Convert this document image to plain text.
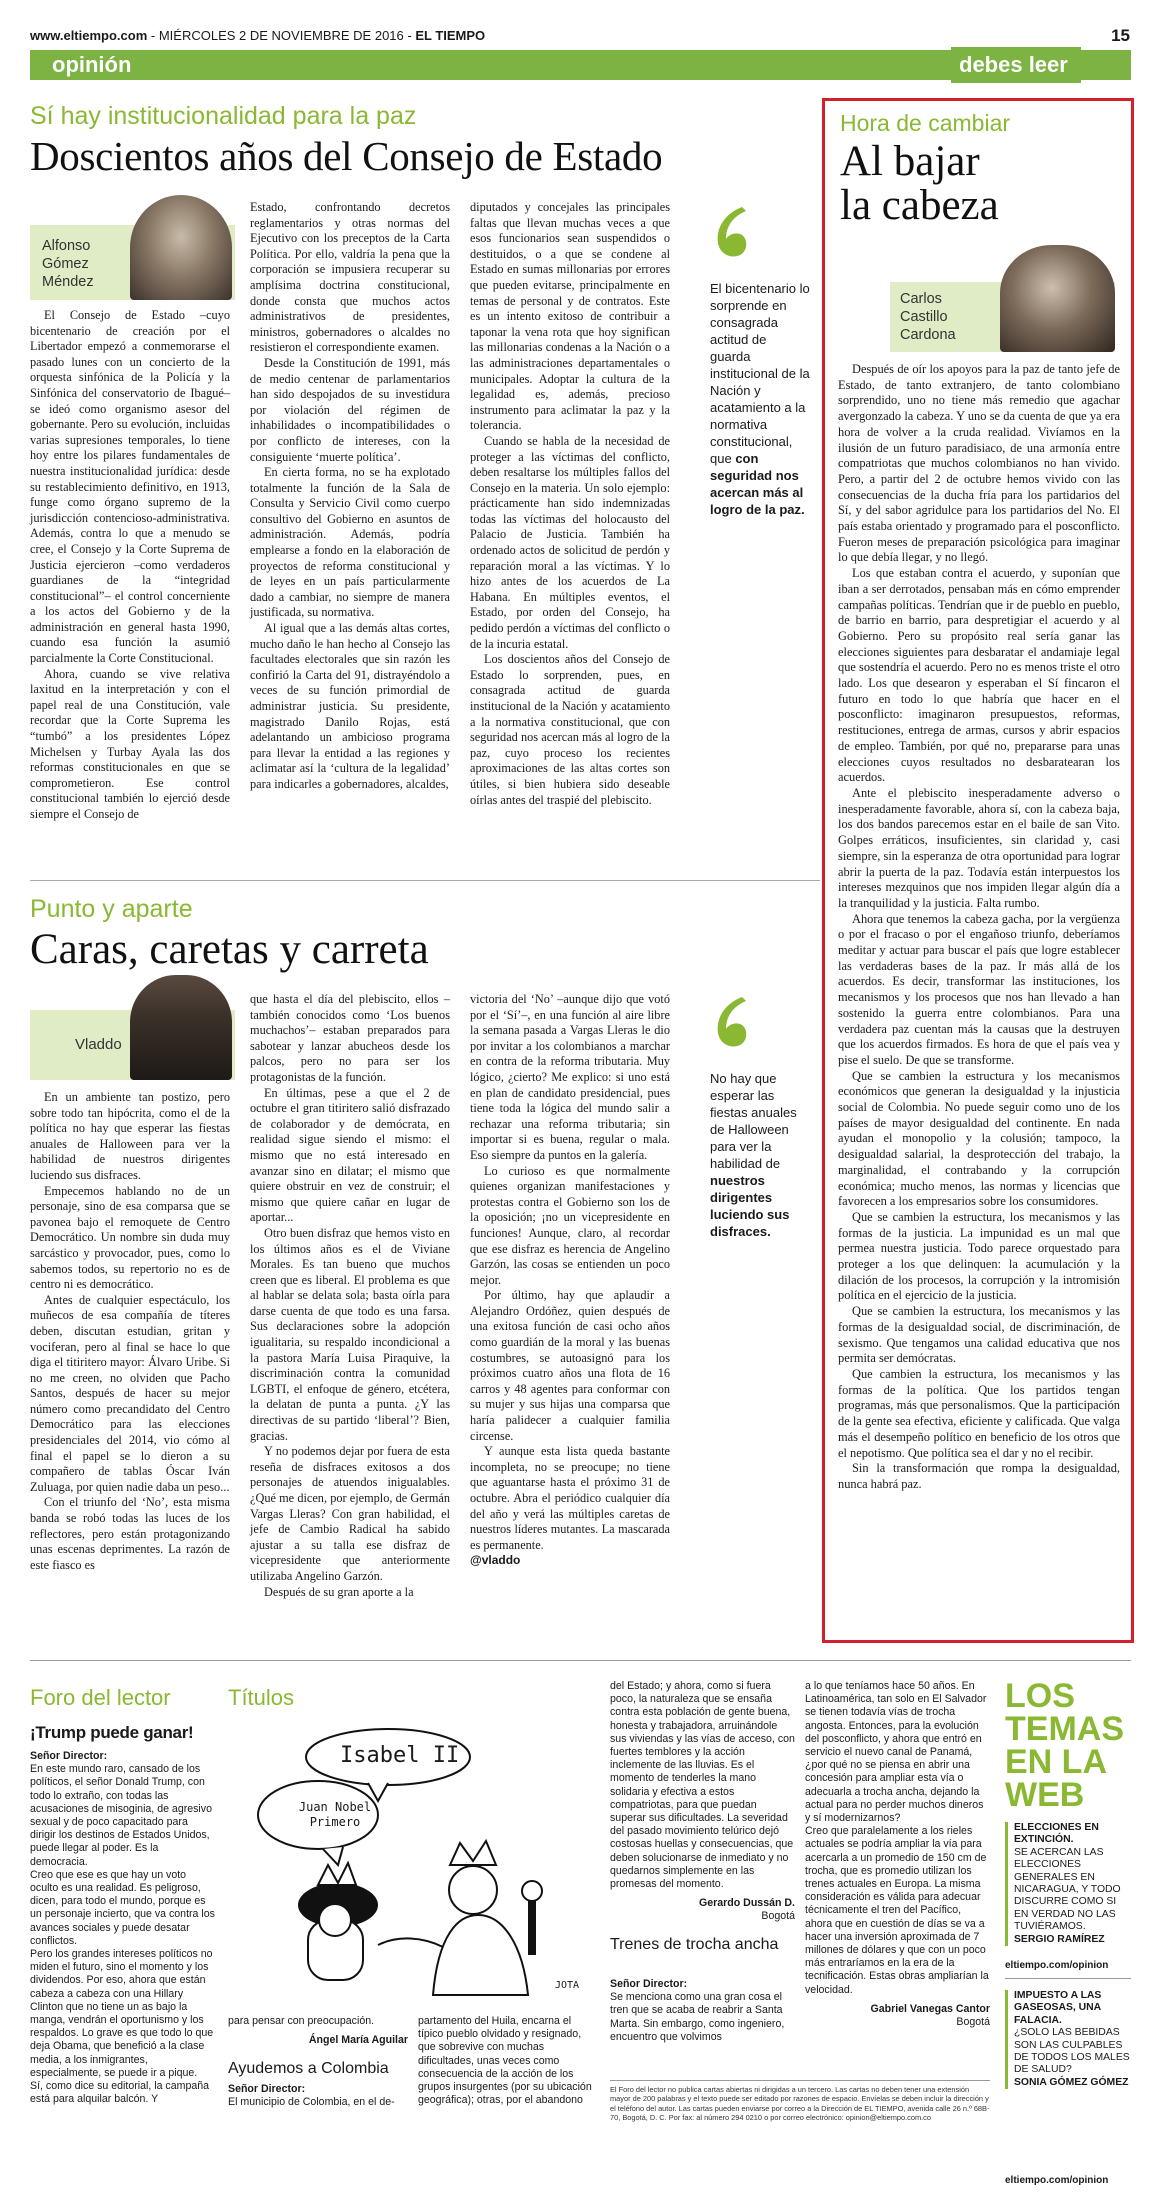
www.eltiempo.com - MIÉRCOLES 2 DE NOVIEMBRE DE 2016 - EL TIEMPO	15
opinión	debes leer
Sí hay institucionalidad para la paz
Doscientos años del Consejo de Estado
Alfonso Gómez Méndez

El Consejo de Estado –cuyo bicentenario de creación por el Libertador empezó a conmemorarse el pasado lunes con un concierto de la orquesta sinfónica de la Policía y la Sinfónica del conservatorio de Ibagué– se ideó como organismo asesor del gobernante. Pero su evolución, incluidas varias supresiones temporales, lo tiene hoy entre los pilares fundamentales de nuestra institucionalidad jurídica: desde su restablecimiento definitivo, en 1913, funge como órgano supremo de la jurisdicción contencioso-administrativa. Además, contra lo que a menudo se cree, el Consejo y la Corte Suprema de Justicia ejercieron –como verdaderos guardianes de la “integridad constitucional”– el control concerniente a los actos del Gobierno y de la administración en general hasta 1990, cuando esa función la asumió parcialmente la Corte Constitucional.

Ahora, cuando se vive relativa laxitud en la interpretación y con el papel real de una Constitución, vale recordar que la Corte Suprema les “tumbó” a los presidentes López Michelsen y Turbay Ayala las dos reformas constitucionales en que se comprometieron. Ese control constitucional también lo ejerció desde siempre el Consejo de

Estado, confrontando decretos reglamentarios y otras normas del Ejecutivo con los preceptos de la Carta Política. Por ello, valdría la pena que la corporación se impusiera recuperar su amplísima doctrina constitucional, donde consta que muchos actos administrativos de presidentes, ministros, gobernadores o alcaldes no resistieron el correspondiente examen.

Desde la Constitución de 1991, más de medio centenar de parlamentarios han sido despojados de su investidura por violación del régimen de inhabilidades o incompatibilidades o por conflicto de intereses, con la consiguiente ‘muerte política’.

En cierta forma, no se ha explotado totalmente la función de la Sala de Consulta y Servicio Civil como cuerpo consultivo del Gobierno en asuntos de administración. Además, podría emplearse a fondo en la elaboración de proyectos de reforma constitucional y de leyes en un país particularmente dado a cambiar, no siempre de manera justificada, su normativa.

Al igual que a las demás altas cortes, mucho daño le han hecho al Consejo las facultades electorales que sin razón les confirió la Carta del 91, distrayéndolo a veces de su función primordial de administrar justicia. Su presidente, magistrado Danilo Rojas, está adelantando un ambicioso programa para llevar la entidad a las regiones y aclimatar así la ‘cultura de la legalidad’ para indicarles a gobernadores, alcaldes,

diputados y concejales las principales faltas que llevan muchas veces a que esos funcionarios sean suspendidos o destituidos, o a que se condene al Estado en sumas millonarias por errores que pueden evitarse, principalmente en temas de personal y de contratos. Este es un intento exitoso de contribuir a taponar la vena rota que hoy significan las millonarias condenas a la Nación o a las administraciones departamentales o municipales. Adoptar la cultura de la legalidad es, además, precioso instrumento para aclimatar la paz y la tolerancia.

Cuando se habla de la necesidad de proteger a las víctimas del conflicto, deben resaltarse los múltiples fallos del Consejo en la materia. Un solo ejemplo: prácticamente han sido indemnizadas todas las víctimas del holocausto del Palacio de Justicia. También ha ordenado actos de solicitud de perdón y reparación moral a las víctimas. Y lo hizo antes de los acuerdos de La Habana. En múltiples eventos, el Estado, por orden del Consejo, ha pedido perdón a víctimas del conflicto o de la incuria estatal.

Los doscientos años del Consejo de Estado lo sorprenden, pues, en consagrada actitud de guarda institucional de la Nación y acatamiento a la normativa constitucional, que con seguridad nos acercan más al logro de la paz, cuyo proceso los recientes aproximaciones de las altas cortes son útiles, si bien hubiera sido deseable oírlas antes del traspié del plebiscito.

El bicentenario lo sorprende en consagrada actitud de guarda institucional de la Nación y acatamiento a la normativa constitucional, que con seguridad nos acercan más al logro de la paz.
Punto y aparte
Caras, caretas y carreta
Vladdo

En un ambiente tan postizo, pero sobre todo tan hipócrita, como el de la política no hay que esperar las fiestas anuales de Halloween para ver la habilidad de nuestros dirigentes luciendo sus disfraces.

Empecemos hablando no de un personaje, sino de esa comparsa que se pavonea bajo el remoquete de Centro Democrático. Un nombre sin duda muy sarcástico y provocador, pues, como lo sabemos todos, su repertorio no es de centro ni es democrático.

Antes de cualquier espectáculo, los muñecos de esa compañía de títeres deben, discutan estudian, gritan y vociferan, pero al final se hace lo que diga el titiritero mayor: Álvaro Uribe. Si no me creen, no olviden que Pacho Santos, después de hacer su mejor número como precandidato del Centro Democrático para las elecciones presidenciales del 2014, vio cómo al final el papel se lo dieron a su compañero de tablas Óscar Iván Zuluaga, por quien nadie daba un peso...

Con el triunfo del ‘No’, esta misma banda se robó todas las luces de los reflectores, pero están protagonizando unas escenas deprimentes. La razón de este fiasco es

que hasta el día del plebiscito, ellos –también conocidos como ‘Los buenos muchachos’– estaban preparados para sabotear y lanzar abucheos desde los palcos, pero no para ser los protagonistas de la función.

En últimas, pese a que el 2 de octubre el gran titiritero salió disfrazado de colaborador y de demócrata, en realidad sigue siendo el mismo: el mismo que no está interesado en avanzar sino en dilatar; el mismo que quiere obstruir en vez de construir; el mismo que quiere cañar en lugar de aportar...

Otro buen disfraz que hemos visto en los últimos años es el de Viviane Morales. Es tan bueno que muchos creen que es liberal. El problema es que al hablar se delata sola; basta oírla para darse cuenta de que todo es una farsa. Sus declaraciones sobre la adopción igualitaria, su respaldo incondicional a la pastora María Luisa Piraquive, la discriminación contra la comunidad LGBTI, el enfoque de género, etcétera, la delatan de punta a punta. ¿Y las directivas de su partido ‘liberal’? Bien, gracias.

Y no podemos dejar por fuera de esta reseña de disfraces exitosos a dos personajes de atuendos inigualables. ¿Qué me dicen, por ejemplo, de Germán Vargas Lleras? Con gran habilidad, el jefe de Cambio Radical ha sabido ajustar a su talla ese disfraz de vicepresidente que anteriormente utilizaba Angelino Garzón.

Después de su gran aporte a la

victoria del ‘No’ –aunque dijo que votó por el ‘Sí’–, en una función al aire libre la semana pasada a Vargas Lleras le dio por invitar a los colombianos a marchar en contra de la reforma tributaria. Muy lógico, ¿cierto? Me explico: si uno está en plan de candidato presidencial, pues tiene toda la lógica del mundo salir a rechazar una reforma tributaria; sin importar si es buena, regular o mala. Eso siempre da puntos en la galería.

Lo curioso es que normalmente quienes organizan manifestaciones y protestas contra el Gobierno son los de la oposición; ¡no un vicepresidente en funciones! Aunque, claro, al recordar que ese disfraz es herencia de Angelino Garzón, las cosas se entienden un poco mejor.

Por último, hay que aplaudir a Alejandro Ordóñez, quien después de una exitosa función de casi ocho años como guardián de la moral y las buenas costumbres, se autoasignó para los próximos cuatro años una flota de 16 carros y 48 agentes para conformar con su mujer y sus hijas una comparsa que haría palidecer a cualquier familia circense.

Y aunque esta lista queda bastante incompleta, no se preocupe; no tiene que aguantarse hasta el próximo 31 de octubre. Abra el periódico cualquier día del año y verá las múltiples caretas de nuestros líderes mutantes. La mascarada es permanente.

@vladdo

No hay que esperar las fiestas anuales de Halloween para ver la habilidad de nuestros dirigentes luciendo sus disfraces.
Hora de cambiar
Al bajar
la cabeza
Carlos Castillo Cardona

Después de oír los apoyos para la paz de tanto jefe de Estado, de tanto extranjero, de tanto colombiano sorprendido, uno no tiene más remedio que agachar avergonzado la cabeza. Y uno se da cuenta de que ya era hora de volver a la cruda realidad. Vivíamos en la ilusión de un futuro paradisiaco, de una armonía entre compatriotas que muchos colombianos no han vivido. Pero, a partir del 2 de octubre hemos vivido con las consecuencias de la ducha fría para los partidarios del Sí, y del sabor agridulce para los partidarios del No. El país estaba orientado y programado para el posconflicto. Fueron meses de preparación psicológica para imaginar lo que debía llegar, y no llegó.

Los que estaban contra el acuerdo, y suponían que iban a ser derrotados, pensaban más en cómo emprender campañas políticas. Tendrían que ir de pueblo en pueblo, de barrio en barrio, para despretigiar el acuerdo y al Gobierno. Pero su propósito real sería ganar las elecciones siguientes para desbaratar el andamiaje legal que sostendría el acuerdo. Pero no es menos triste el otro lado. Los que desearon y esperaban el Sí fincaron el futuro en todo lo que habría que hacer en el posconflicto: imaginaron presupuestos, reformas, restituciones, entrega de armas, cursos y abrir espacios de empleo. También, por qué no, prepararse para unas elecciones cuyos resultados no desbaratearan los acuerdos.

Ante el plebiscito inesperadamente adverso o inesperadamente favorable, ahora sí, con la cabeza baja, los dos bandos parecemos estar en el baile de san Vito. Golpes erráticos, insuficientes, sin claridad y, casi siempre, sin la esperanza de otra oportunidad para lograr abrir la puerta de la paz. Todavía están interpuestos los intereses mezquinos que nos impiden llegar algún día a la tranquilidad y la justicia. Falta rumbo.

Ahora que tenemos la cabeza gacha, por la vergüenza o por el fracaso o por el engañoso triunfo, deberíamos meditar y actuar para buscar el país que logre establecer las verdaderas bases de la paz. Ir más allá de los acuerdos. Es decir, transformar las instituciones, los mecanismos y los procesos que nos han llevado a han sostenido la guerra entre colombianos. Para una verdadera paz cuentan más la causas que la destruyen que los acuerdos firmados. Es hora de que el país vea y pise el suelo. De que se transforme.

Que se cambien la estructura y los mecanismos económicos que generan la desigualdad y la injusticia social de Colombia. No puede seguir como uno de los países de mayor desigualdad del continente. En nada ayudan el monopolio y la colusión; tampoco, la desigualdad salarial, la desprotección del trabajo, la marginalidad, el contrabando y la corrupción económica; mucho menos, las normas y licencias que favorecen a los empresarios sobre los consumidores.

Que se cambien la estructura, los mecanismos y las formas de la justicia. La impunidad es un mal que permea nuestra justicia. Todo parece orquestado para proteger a los que delinquen: la acumulación y la dilación de los procesos, la corrupción y la intromisión política en el ejercicio de la justicia.

Que se cambien la estructura, los mecanismos y las formas de la desigualdad social, de discriminación, de sexismo. Que tengamos una calidad educativa que nos permita ser demócratas.

Que cambien la estructura, los mecanismos y las formas de la política. Que los partidos tengan programas, más que personalismos. Que la participación de la gente sea efectiva, eficiente y calificada. Que valga más el desempeño político en beneficio de los otros que el nepotismo. Que política sea el dar y no el recibir.

Sin la transformación que rompa la desigualdad, nunca habrá paz.

Foro del lector
¡Trump puede ganar!

Señor Director:

En este mundo raro, cansado de los políticos, el señor Donald Trump, con todo lo extraño, con todas las acusaciones de misoginia, de agresivo sexual y de poco capacitado para dirigir los destinos de Estados Unidos, puede llegar al poder. Es la democracia.

Creo que ese es que hay un voto oculto es una realidad. Es peligroso, dicen, para todo el mundo, porque es un personaje incierto, que va contra los avances sociales y puede desatar conflictos.

Pero los grandes intereses políticos no miden el futuro, sino el momento y los dividendos. Por eso, ahora que están cabeza a cabeza con una Hillary Clinton que no tiene un as bajo la manga, vendrán el oportunismo y los respaldos. Lo grave es que todo lo que deja Obama, que benefició a la clase media, a los inmigrantes, especialmente, se puede ir a pique.

Sí, como dice su editorial, la campaña está para alquilar balcón. Y

Títulos
Isabel II
Juan Nobel Primero
JOTA

para pensar con preocupación.

Ángel María Aguilar

Ayudemos a Colombia

Señor Director:

El municipio de Colombia, en el de-

partamento del Huila, encarna el típico pueblo olvidado y resignado, que sobrevive con muchas dificultades, unas veces como consecuencia de la acción de los grupos insurgentes (por su ubicación geográfica); otras, por el abandono

del Estado; y ahora, como si fuera poco, la naturaleza que se ensaña contra esta población de gente buena, honesta y trabajadora, arruinándole sus viviendas y las vías de acceso, con fuertes temblores y la acción inclemente de las lluvias. Es el momento de tenderles la mano solidaria y efectiva a estos compatriotas, para que puedan superar sus dificultades. La severidad del pasado movimiento telúrico dejó costosas huellas y consecuencias, que deben solucionarse de inmediato y no quedarnos simplemente en las promesas del momento.

Gerardo Dussán D.

Bogotá

Trenes de trocha ancha

Señor Director:

Se menciona como una gran cosa el tren que se acaba de reabrir a Santa Marta. Sin embargo, como ingeniero, encuentro que volvimos

a lo que teníamos hace 50 años. En Latinoamérica, tan solo en El Salvador se tienen todavía vías de trocha angosta. Entonces, para la evolución del posconflicto, y ahora que entró en servicio el nuevo canal de Panamá, ¿por qué no se piensa en abrir una concesión para ampliar esta vía o adecuarla a trocha ancha, dejando la actual para no perder muchos dineros y sí modernizarnos?

Creo que paralelamente a los rieles actuales se podría ampliar la vía para acercarla a un promedio de 150 cm de trocha, que es promedio utilizan los trenes actuales en Europa. La misma consideración es válida para adecuar técnicamente el tren del Pacífico, ahora que en cuestión de días se va a hacer una inversión aproximada de 7 millones de dólares y que con un poco más entraríamos en la era de la tecnificación. Estas obras ampliarían la velocidad.

Gabriel Vanegas Cantor

Bogotá

El Foro del lector no publica cartas abiertas ni dirigidas a un tercero. Las cartas no deben tener una extensión mayor de 200 palabras y el texto puede ser editado por razones de espacio. Envíelas se deben incluir la dirección y el teléfono del autor. Las cartas pueden enviarse por correo a la Dirección de EL TIEMPO, avenida calle 26 n.º 68B-70, Bogotá, D. C. Por fax: al número 294 0210 o por correo electrónico: opinion@eltiempo.com.co
LOS
TEMAS
EN LA
WEB
ELECCIONES EN EXTINCIÓN.
SE ACERCAN LAS ELECCIONES GENERALES EN NICARAGUA, Y TODO DISCURRE COMO SI EN VERDAD NO LAS TUVIÉRAMOS.
SERGIO RAMÍREZ
eltiempo.com/opinion
IMPUESTO A LAS GASEOSAS, UNA FALACIA.
¿SOLO LAS BEBIDAS SON LAS CULPABLES DE TODOS LOS MALES DE SALUD?
SONIA GÓMEZ GÓMEZ
eltiempo.com/opinion
